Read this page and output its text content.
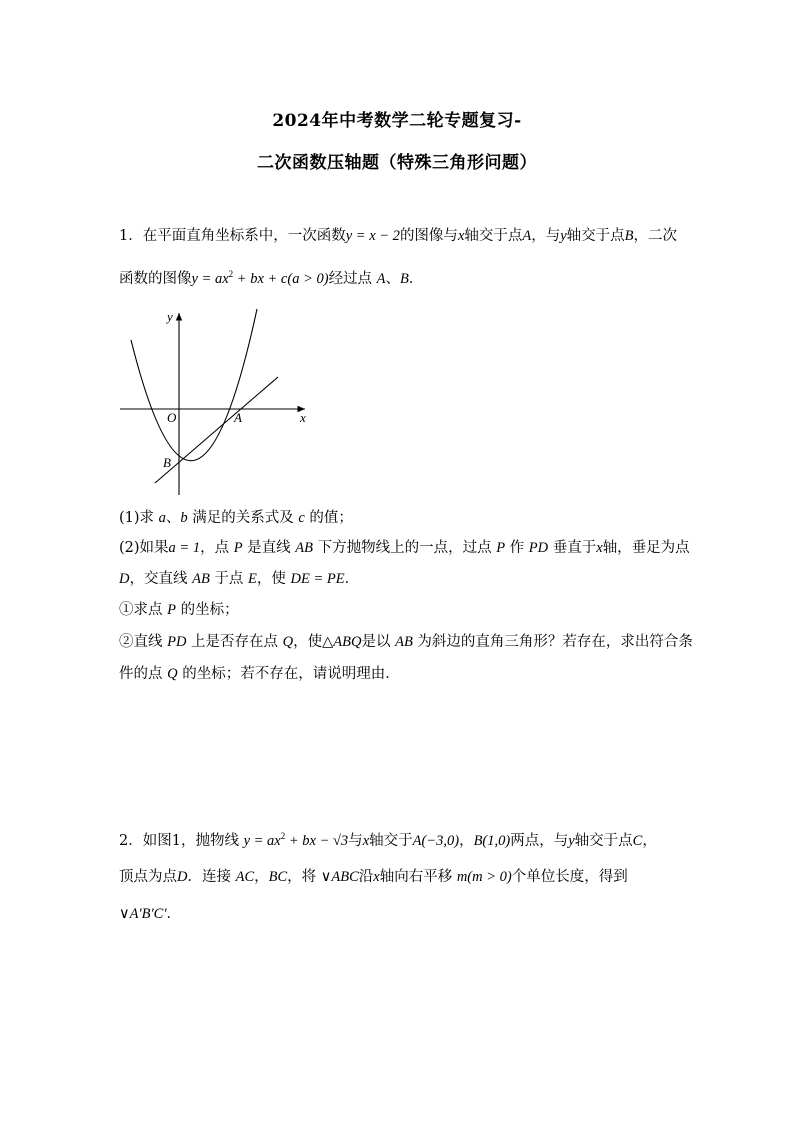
2024年中考数学二轮专题复习-
二次函数压轴题（特殊三角形问题）
1．在平面直角坐标系中，一次函数y = x − 2的图像与x轴交于点A，与y轴交于点B，二次
函数的图像$y = ax^2$ + bx + c(a > 0)经过点 A、B．
y
x
O	A
B
(1)求 a、b 满足的关系式及 c 的值；
(2)如果a = 1，点 P 是直线 AB 下方抛物线上的一点，过点 P 作 PD 垂直于x轴，垂足为点
D，交直线 AB 于点 E，使 DE = PE．
①求点 P 的坐标；
②直线 PD 上是否存在点 Q，使△ABQ是以 AB 为斜边的直角三角形？若存在，求出符合条
件的点 Q 的坐标；若不存在，请说明理由．
2．如图1，抛物线 $y = ax^2$ + bx − √3与x轴交于A(−3,0)，B(1,0)两点，与y轴交于点C，
顶点为点D．连接 AC，BC，将 ∨ABC沿x轴向右平移 m(m > 0)个单位长度，得到
∨A′B′C′．
